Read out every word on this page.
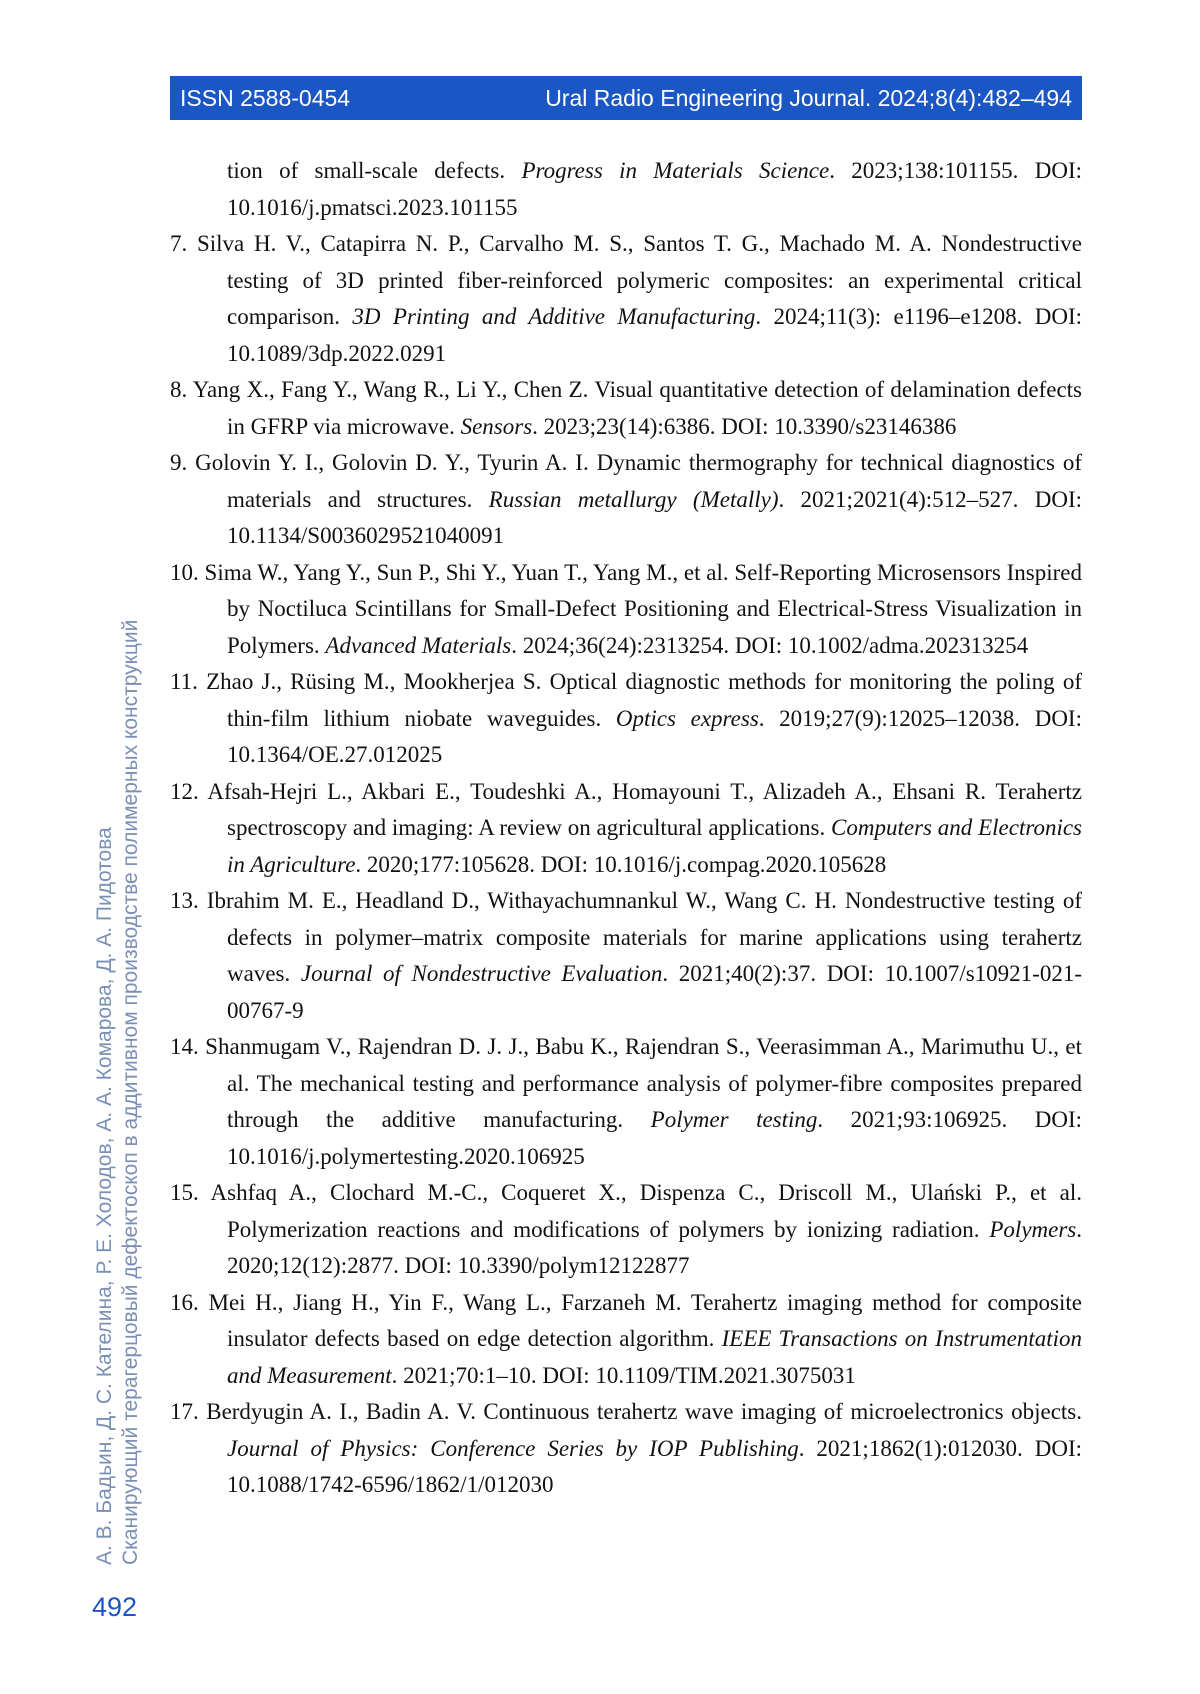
ISSN 2588-0454	Ural Radio Engineering Journal. 2024;8(4):482–494

tion of small-scale defects. Progress in Materials Science. 2023;138:101155. DOI: 10.1016/j.pmatsci.2023.101155

7. Silva H. V., Catapirra N. P., Carvalho M. S., Santos T. G., Machado M. A. Nondestructive testing of 3D printed fiber-reinforced polymeric composites: an experimental critical comparison. 3D Printing and Additive Manufacturing. 2024;11(3): e1196–e1208. DOI: 10.1089/3dp.2022.0291

8. Yang X., Fang Y., Wang R., Li Y., Chen Z. Visual quantitative detection of delamination defects in GFRP via microwave. Sensors. 2023;23(14):6386. DOI: 10.3390/s23146386

9. Golovin Y. I., Golovin D. Y., Tyurin A. I. Dynamic thermography for technical diagnostics of materials and structures. Russian metallurgy (Metally). 2021;2021(4):512–527. DOI: 10.1134/S0036029521040091

10. Sima W., Yang Y., Sun P., Shi Y., Yuan T., Yang M., et al. Self-Reporting Microsensors Inspired by Noctiluca Scintillans for Small-Defect Positioning and Electrical-Stress Visualization in Polymers. Advanced Materials. 2024;36(24):2313254. DOI: 10.1002/adma.202313254

11. Zhao J., Rüsing M., Mookherjea S. Optical diagnostic methods for monitoring the poling of thin-film lithium niobate waveguides. Optics express. 2019;27(9):12025–12038. DOI: 10.1364/OE.27.012025

12. Afsah-Hejri L., Akbari E., Toudeshki A., Homayouni T., Alizadeh A., Ehsani R. Terahertz spectroscopy and imaging: A review on agricultural applications. Computers and Electronics in Agriculture. 2020;177:105628. DOI: 10.1016/j.compag.2020.105628

13. Ibrahim M. E., Headland D., Withayachumnankul W., Wang C. H. Nondestructive testing of defects in polymer–matrix composite materials for marine applications using terahertz waves. Journal of Nondestructive Evaluation. 2021;40(2):37. DOI: 10.1007/s10921-021-00767-9

14. Shanmugam V., Rajendran D. J. J., Babu K., Rajendran S., Veerasimman A., Marimuthu U., et al. The mechanical testing and performance analysis of polymer-fibre composites prepared through the additive manufacturing. Polymer testing. 2021;93:106925. DOI: 10.1016/j.polymertesting.2020.106925

15. Ashfaq A., Clochard M.-C., Coqueret X., Dispenza C., Driscoll M., Ulański P., et al. Polymerization reactions and modifications of polymers by ionizing radiation. Polymers. 2020;12(12):2877. DOI: 10.3390/polym12122877

16. Mei H., Jiang H., Yin F., Wang L., Farzaneh M. Terahertz imaging method for composite insulator defects based on edge detection algorithm. IEEE Transactions on Instrumentation and Measurement. 2021;70:1–10. DOI: 10.1109/TIM.2021.3075031

17. Berdyugin A. I., Badin A. V. Continuous terahertz wave imaging of microelectronics objects. Journal of Physics: Conference Series by IOP Publishing. 2021;1862(1):012030. DOI: 10.1088/1742-6596/1862/1/012030

А. В. Бадьин, Д. С. Кателина, Р. Е. Холодов, А. А. Комарова, Д. А. Пидотова Сканирующий терагерцовый дефектоскоп в аддитивном производстве полимерных конструкций
492
